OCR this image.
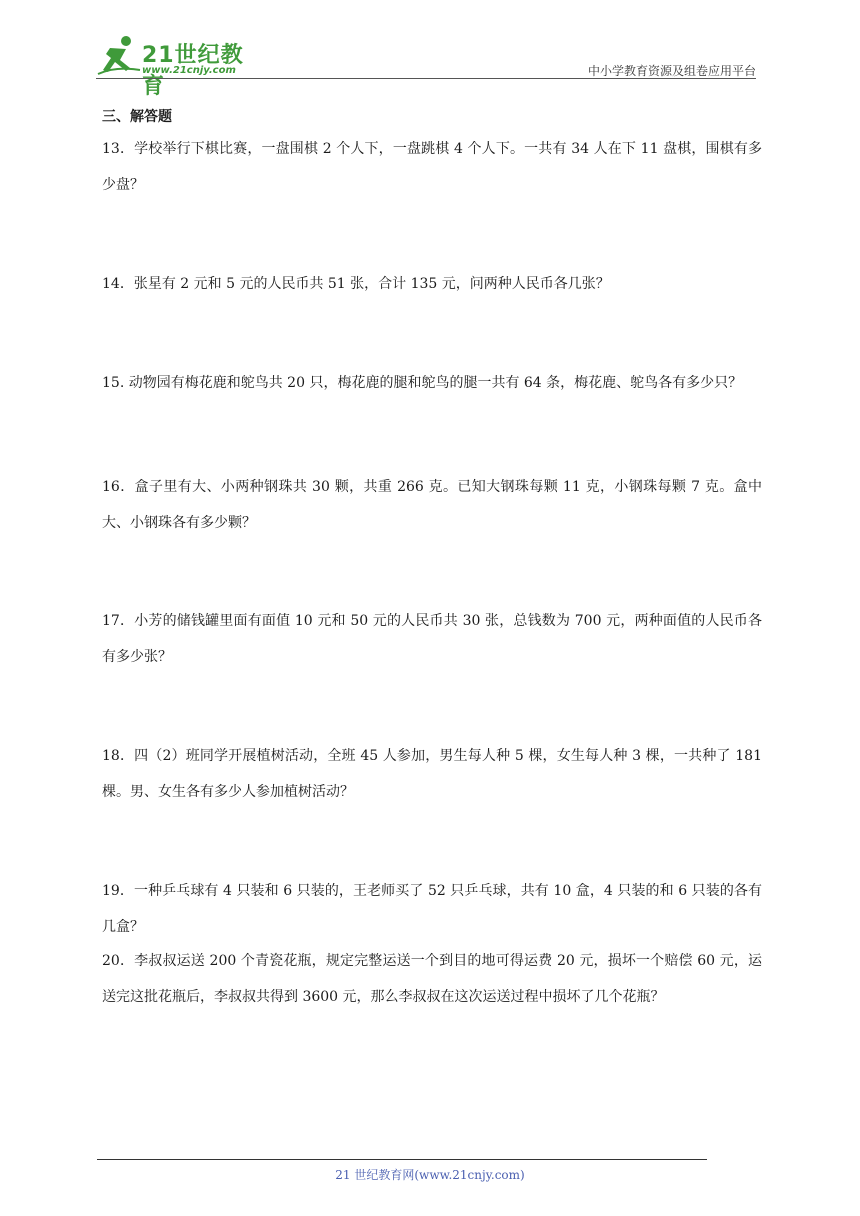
21世纪教育
www.21cnjy.com	中小学教育资源及组卷应用平台
三、解答题
13．学校举行下棋比赛，一盘围棋 2 个人下，一盘跳棋 4 个人下。一共有 34 人在下 11 盘棋，围棋有多少盘？
14．张星有 2 元和 5 元的人民币共 51 张，合计 135 元，问两种人民币各几张？
15. 动物园有梅花鹿和鸵鸟共 20 只，梅花鹿的腿和鸵鸟的腿一共有 64 条，梅花鹿、鸵鸟各有多少只？
16．盒子里有大、小两种钢珠共 30 颗，共重 266 克。已知大钢珠每颗 11 克，小钢珠每颗 7 克。盒中大、小钢珠各有多少颗？
17．小芳的储钱罐里面有面值 10 元和 50 元的人民币共 30 张，总钱数为 700 元，两种面值的人民币各有多少张？
18．四（2）班同学开展植树活动，全班 45 人参加，男生每人种 5 棵，女生每人种 3 棵，一共种了 181 棵。男、女生各有多少人参加植树活动？
19．一种乒乓球有 4 只装和 6 只装的，王老师买了 52 只乒乓球，共有 10 盒，4 只装的和 6 只装的各有几盒？
20．李叔叔运送 200 个青瓷花瓶，规定完整运送一个到目的地可得运费 20 元，损坏一个赔偿 60 元，运送完这批花瓶后，李叔叔共得到 3600 元，那么李叔叔在这次运送过程中损坏了几个花瓶？
21 世纪教育网(www.21cnjy.com)
